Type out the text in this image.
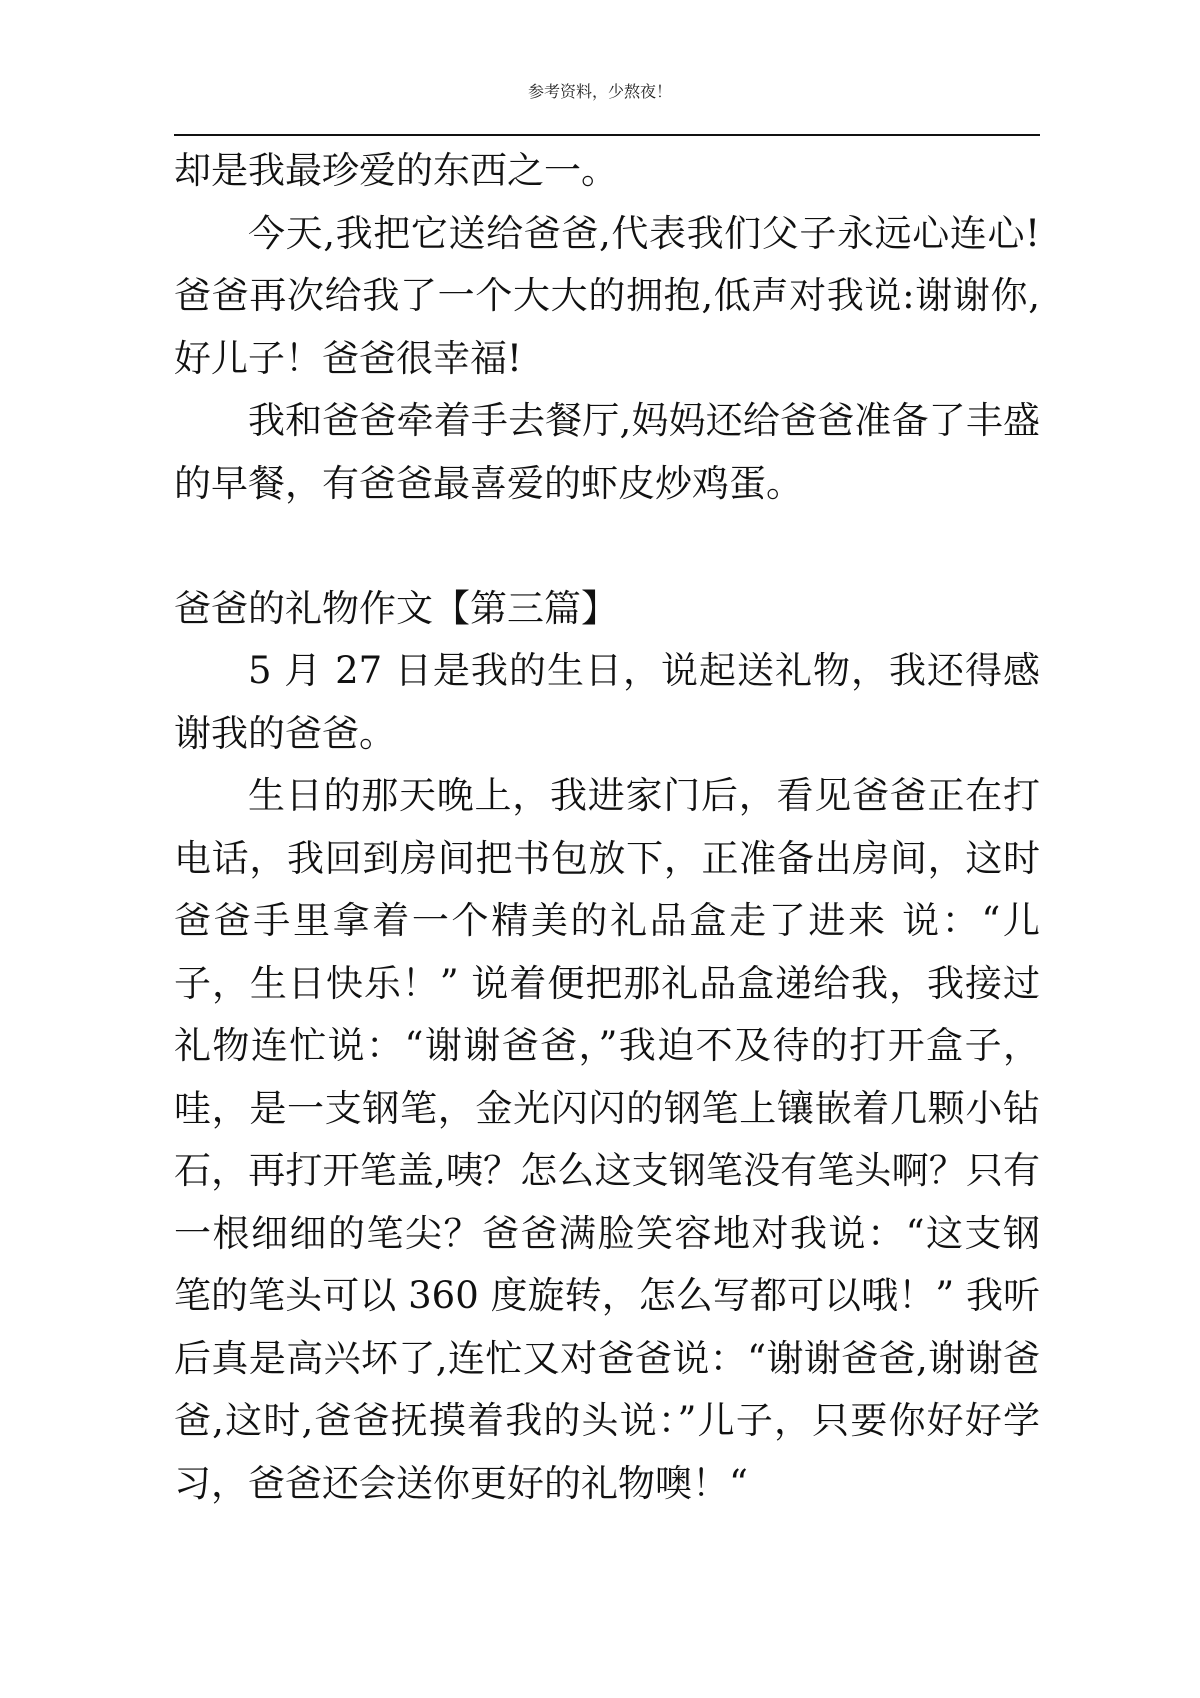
参考资料，少熬夜！

却是我最珍爱的东西之一。

今天,我把它送给爸爸,代表我们父子永远心连心!爸爸再次给我了一个大大的拥抱,低声对我说:谢谢你,好儿子！爸爸很幸福!

我和爸爸牵着手去餐厅,妈妈还给爸爸准备了丰盛的早餐，有爸爸最喜爱的虾皮炒鸡蛋。

爸爸的礼物作文【第三篇】

5 月 27 日是我的生日，说起送礼物，我还得感谢我的爸爸。

生日的那天晚上，我进家门后，看见爸爸正在打电话，我回到房间把书包放下，正准备出房间，这时爸爸手里拿着一个精美的礼品盒走了进来 说：“儿子，生日快乐！” 说着便把那礼品盒递给我，我接过礼物连忙说：“谢谢爸爸，”我迫不及待的打开盒子，哇，是一支钢笔，金光闪闪的钢笔上镶嵌着几颗小钻石，再打开笔盖,咦？怎么这支钢笔没有笔头啊？只有一根细细的笔尖？爸爸满脸笑容地对我说：“这支钢笔的笔头可以 360 度旋转，怎么写都可以哦！” 我听后真是高兴坏了,连忙又对爸爸说：“谢谢爸爸,谢谢爸爸,这时,爸爸抚摸着我的头说：”儿子，只要你好好学习，爸爸还会送你更好的礼物噢！“
